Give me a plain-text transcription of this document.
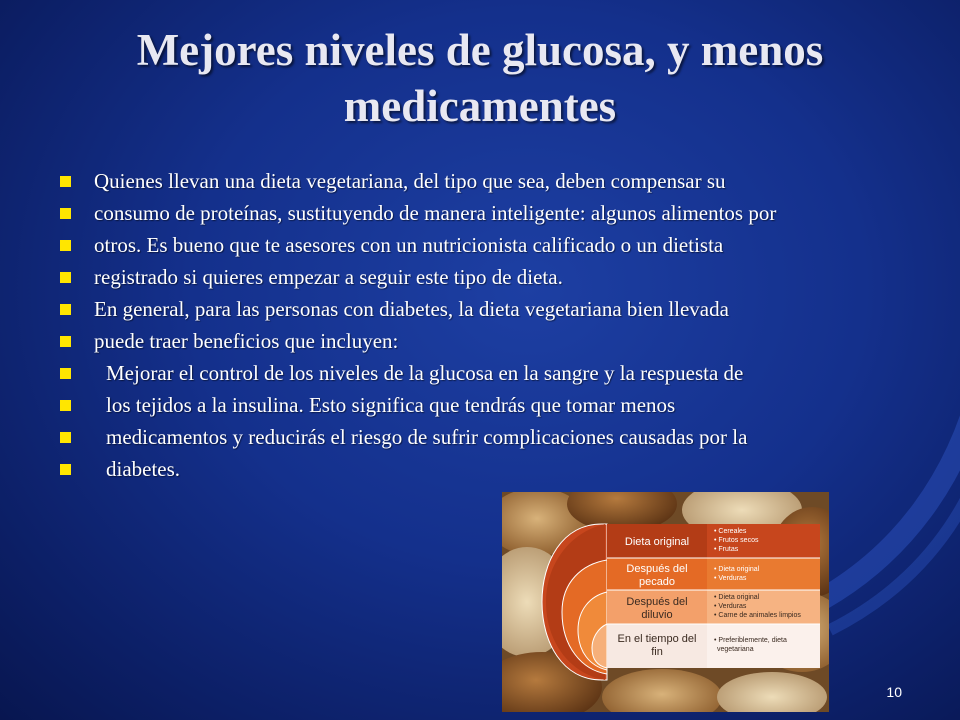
Mejores niveles de glucosa, y menos medicamentes
Quienes llevan una dieta vegetariana, del tipo que sea, deben compensar su
consumo de proteínas, sustituyendo de manera inteligente: algunos alimentos por
otros. Es bueno que te asesores con un nutricionista calificado o un dietista
registrado si quieres empezar a seguir este tipo de dieta.
En general, para las personas con diabetes, la dieta vegetariana bien llevada
puede traer beneficios que incluyen:
Mejorar el control de los niveles de la glucosa en la sangre y la respuesta de
los tejidos a la insulina. Esto significa que tendrás que tomar menos
medicamentos y reducirás el riesgo de sufrir complicaciones causadas por la
diabetes.
Dieta original
Después del
pecado
Después del
diluvio
En el tiempo del
fin
• Cereales
• Frutos secos
• Frutas
• Dieta original
• Verduras
• Dieta original
• Verduras
• Carne de animales limpios
• Preferiblemente, dieta
vegetariana
10
